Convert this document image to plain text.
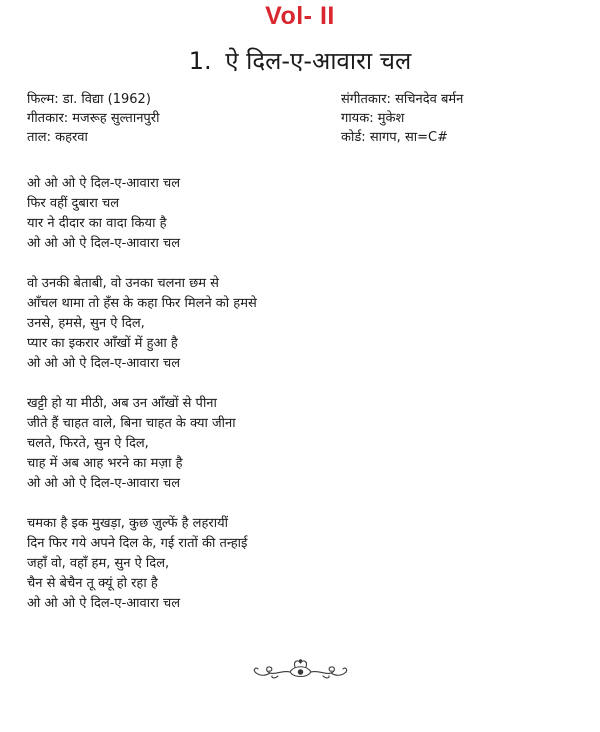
Vol- II
1. ऐ दिल-ए-आवारा चल
फिल्म: डा. विद्या (1962)
गीतकार: मजरूह सुल्तानपुरी
ताल: कहरवा
संगीतकार: सचिनदेव बर्मन
गायक: मुकेश
कोर्ड: सागप, सा=C#
ओ ओ ओ ऐ दिल-ए-आवारा चल
फिर वहीं दुबारा चल
यार ने दीदार का वादा किया है
ओ ओ ओ ऐ दिल-ए-आवारा चल
वो उनकी बेताबी, वो उनका चलना छम से
आँचल थामा तो हँस के कहा फिर मिलने को हमसे
उनसे, हमसे, सुन ऐ दिल,
प्यार का इकरार आँखों में हुआ है
ओ ओ ओ ऐ दिल-ए-आवारा चल
खट्टी हो या मीठी, अब उन आँखों से पीना
जीते हैं चाहत वाले, बिना चाहत के क्या जीना
चलते, फिरते, सुन ऐ दिल,
चाह में अब आह भरने का मज़ा है
ओ ओ ओ ऐ दिल-ए-आवारा चल
चमका है इक मुखड़ा, कुछ ज़ुल्फें है लहरायीं
दिन फिर गये अपने दिल के, गई रातों की तन्हाई
जहाँ वो, वहाँ हम, सुन ऐ दिल,
चैन से बेचैन तू क्यूं हो रहा है
ओ ओ ओ ऐ दिल-ए-आवारा चल
